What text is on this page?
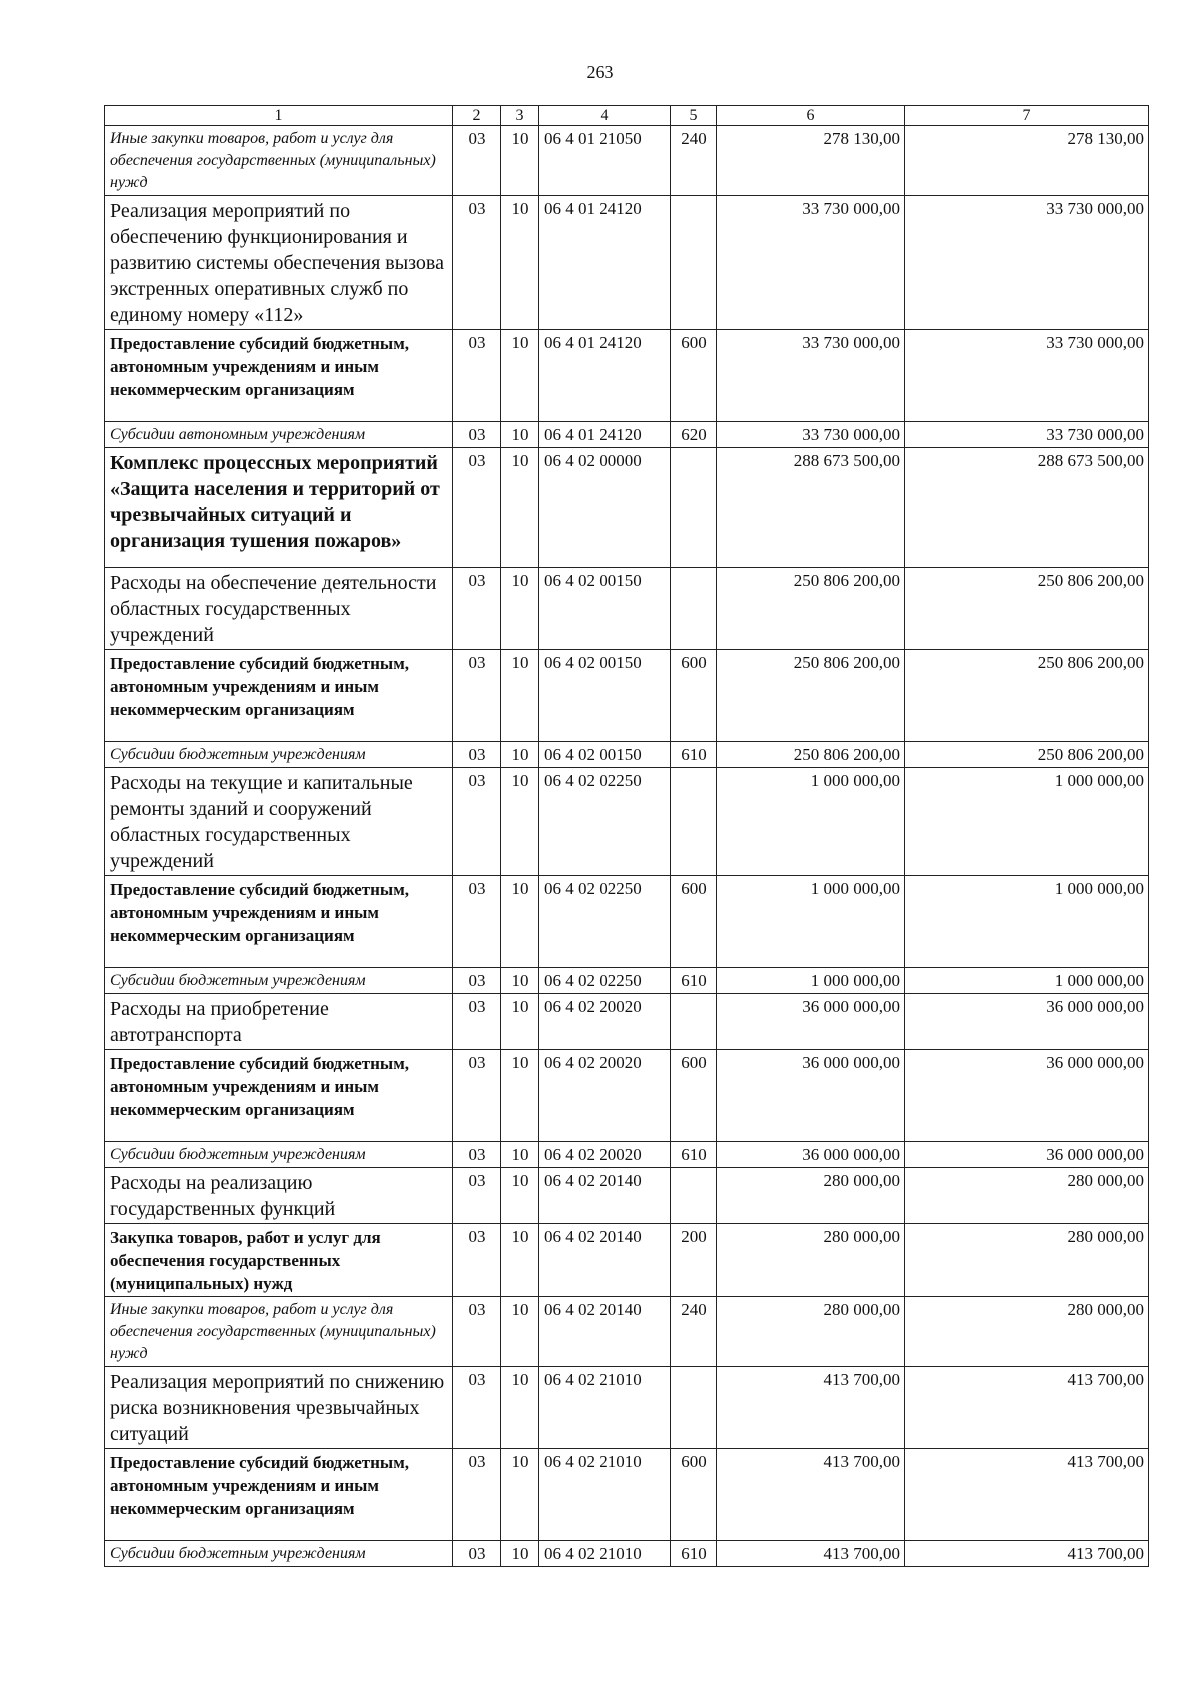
263
1	2	3	4	5	6	7
Иные закупки товаров, работ и услуг для обеспечения государственных (муниципальных) нужд	03	10	06 4 01 21050	240	278 130,00	278 130,00
Реализация мероприятий по обеспечению функционирования и развитию системы обеспечения вызова экстренных оперативных служб по единому номеру «112»	03	10	06 4 01 24120		33 730 000,00	33 730 000,00
Предоставление субсидий бюджетным, автономным учреждениям и иным некоммерческим организациям	03	10	06 4 01 24120	600	33 730 000,00	33 730 000,00
Субсидии автономным учреждениям	03	10	06 4 01 24120	620	33 730 000,00	33 730 000,00
Комплекс процессных мероприятий «Защита населения и территорий от чрезвычайных ситуаций и организация тушения пожаров»	03	10	06 4 02 00000		288 673 500,00	288 673 500,00
Расходы на обеспечение деятельности областных государственных учреждений	03	10	06 4 02 00150		250 806 200,00	250 806 200,00
Предоставление субсидий бюджетным, автономным учреждениям и иным некоммерческим организациям	03	10	06 4 02 00150	600	250 806 200,00	250 806 200,00
Субсидии бюджетным учреждениям	03	10	06 4 02 00150	610	250 806 200,00	250 806 200,00
Расходы на текущие и капитальные ремонты зданий и сооружений областных государственных учреждений	03	10	06 4 02 02250		1 000 000,00	1 000 000,00
Предоставление субсидий бюджетным, автономным учреждениям и иным некоммерческим организациям	03	10	06 4 02 02250	600	1 000 000,00	1 000 000,00
Субсидии бюджетным учреждениям	03	10	06 4 02 02250	610	1 000 000,00	1 000 000,00
Расходы на приобретение автотранспорта	03	10	06 4 02 20020		36 000 000,00	36 000 000,00
Предоставление субсидий бюджетным, автономным учреждениям и иным некоммерческим организациям	03	10	06 4 02 20020	600	36 000 000,00	36 000 000,00
Субсидии бюджетным учреждениям	03	10	06 4 02 20020	610	36 000 000,00	36 000 000,00
Расходы на реализацию государственных функций	03	10	06 4 02 20140		280 000,00	280 000,00
Закупка товаров, работ и услуг для обеспечения государственных (муниципальных) нужд	03	10	06 4 02 20140	200	280 000,00	280 000,00
Иные закупки товаров, работ и услуг для обеспечения государственных (муниципальных) нужд	03	10	06 4 02 20140	240	280 000,00	280 000,00
Реализация мероприятий по снижению риска возникновения чрезвычайных ситуаций	03	10	06 4 02 21010		413 700,00	413 700,00
Предоставление субсидий бюджетным, автономным учреждениям и иным некоммерческим организациям	03	10	06 4 02 21010	600	413 700,00	413 700,00
Субсидии бюджетным учреждениям	03	10	06 4 02 21010	610	413 700,00	413 700,00
